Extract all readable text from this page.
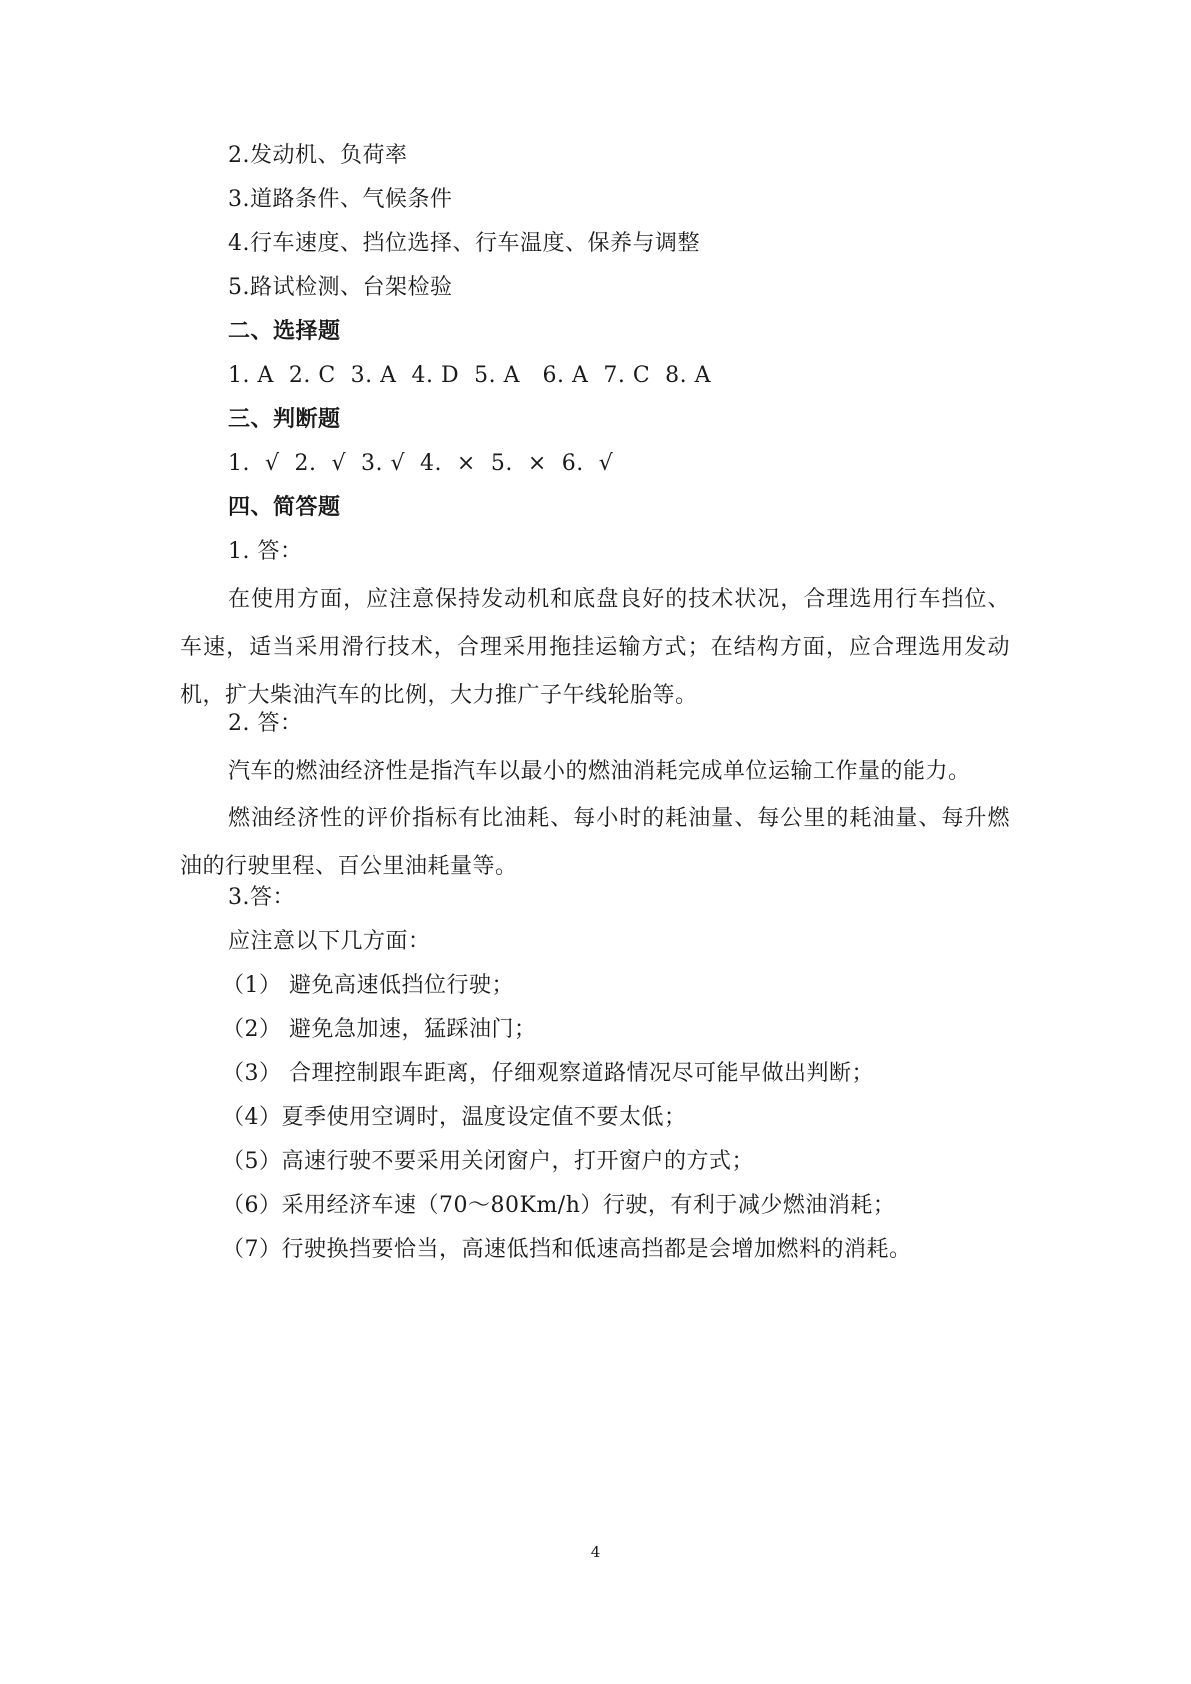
2.发动机、负荷率
3.道路条件、气候条件
4.行车速度、挡位选择、行车温度、保养与调整
5.路试检测、台架检验
二、选择题
1. A  2. C  3. A  4. D  5. A   6. A  7. C  8. A
三、判断题
1.  √  2.  √  3. √  4.  ×  5.  ×  6.  √
四、简答题
1. 答：
在使用方面，应注意保持发动机和底盘良好的技术状况，合理选用行车挡位、车速，适当采用滑行技术，合理采用拖挂运输方式；在结构方面，应合理选用发动机，扩大柴油汽车的比例，大力推广子午线轮胎等。
2. 答：
汽车的燃油经济性是指汽车以最小的燃油消耗完成单位运输工作量的能力。
燃油经济性的评价指标有比油耗、每小时的耗油量、每公里的耗油量、每升燃油的行驶里程、百公里油耗量等。
3.答：
应注意以下几方面：
（1） 避免高速低挡位行驶；
（2） 避免急加速，猛踩油门；
（3） 合理控制跟车距离，仔细观察道路情况尽可能早做出判断；
（4）夏季使用空调时，温度设定值不要太低；
（5）高速行驶不要采用关闭窗户，打开窗户的方式；
（6）采用经济车速（70～80Km/h）行驶，有利于减少燃油消耗；
（7）行驶换挡要恰当，高速低挡和低速高挡都是会增加燃料的消耗。
4
